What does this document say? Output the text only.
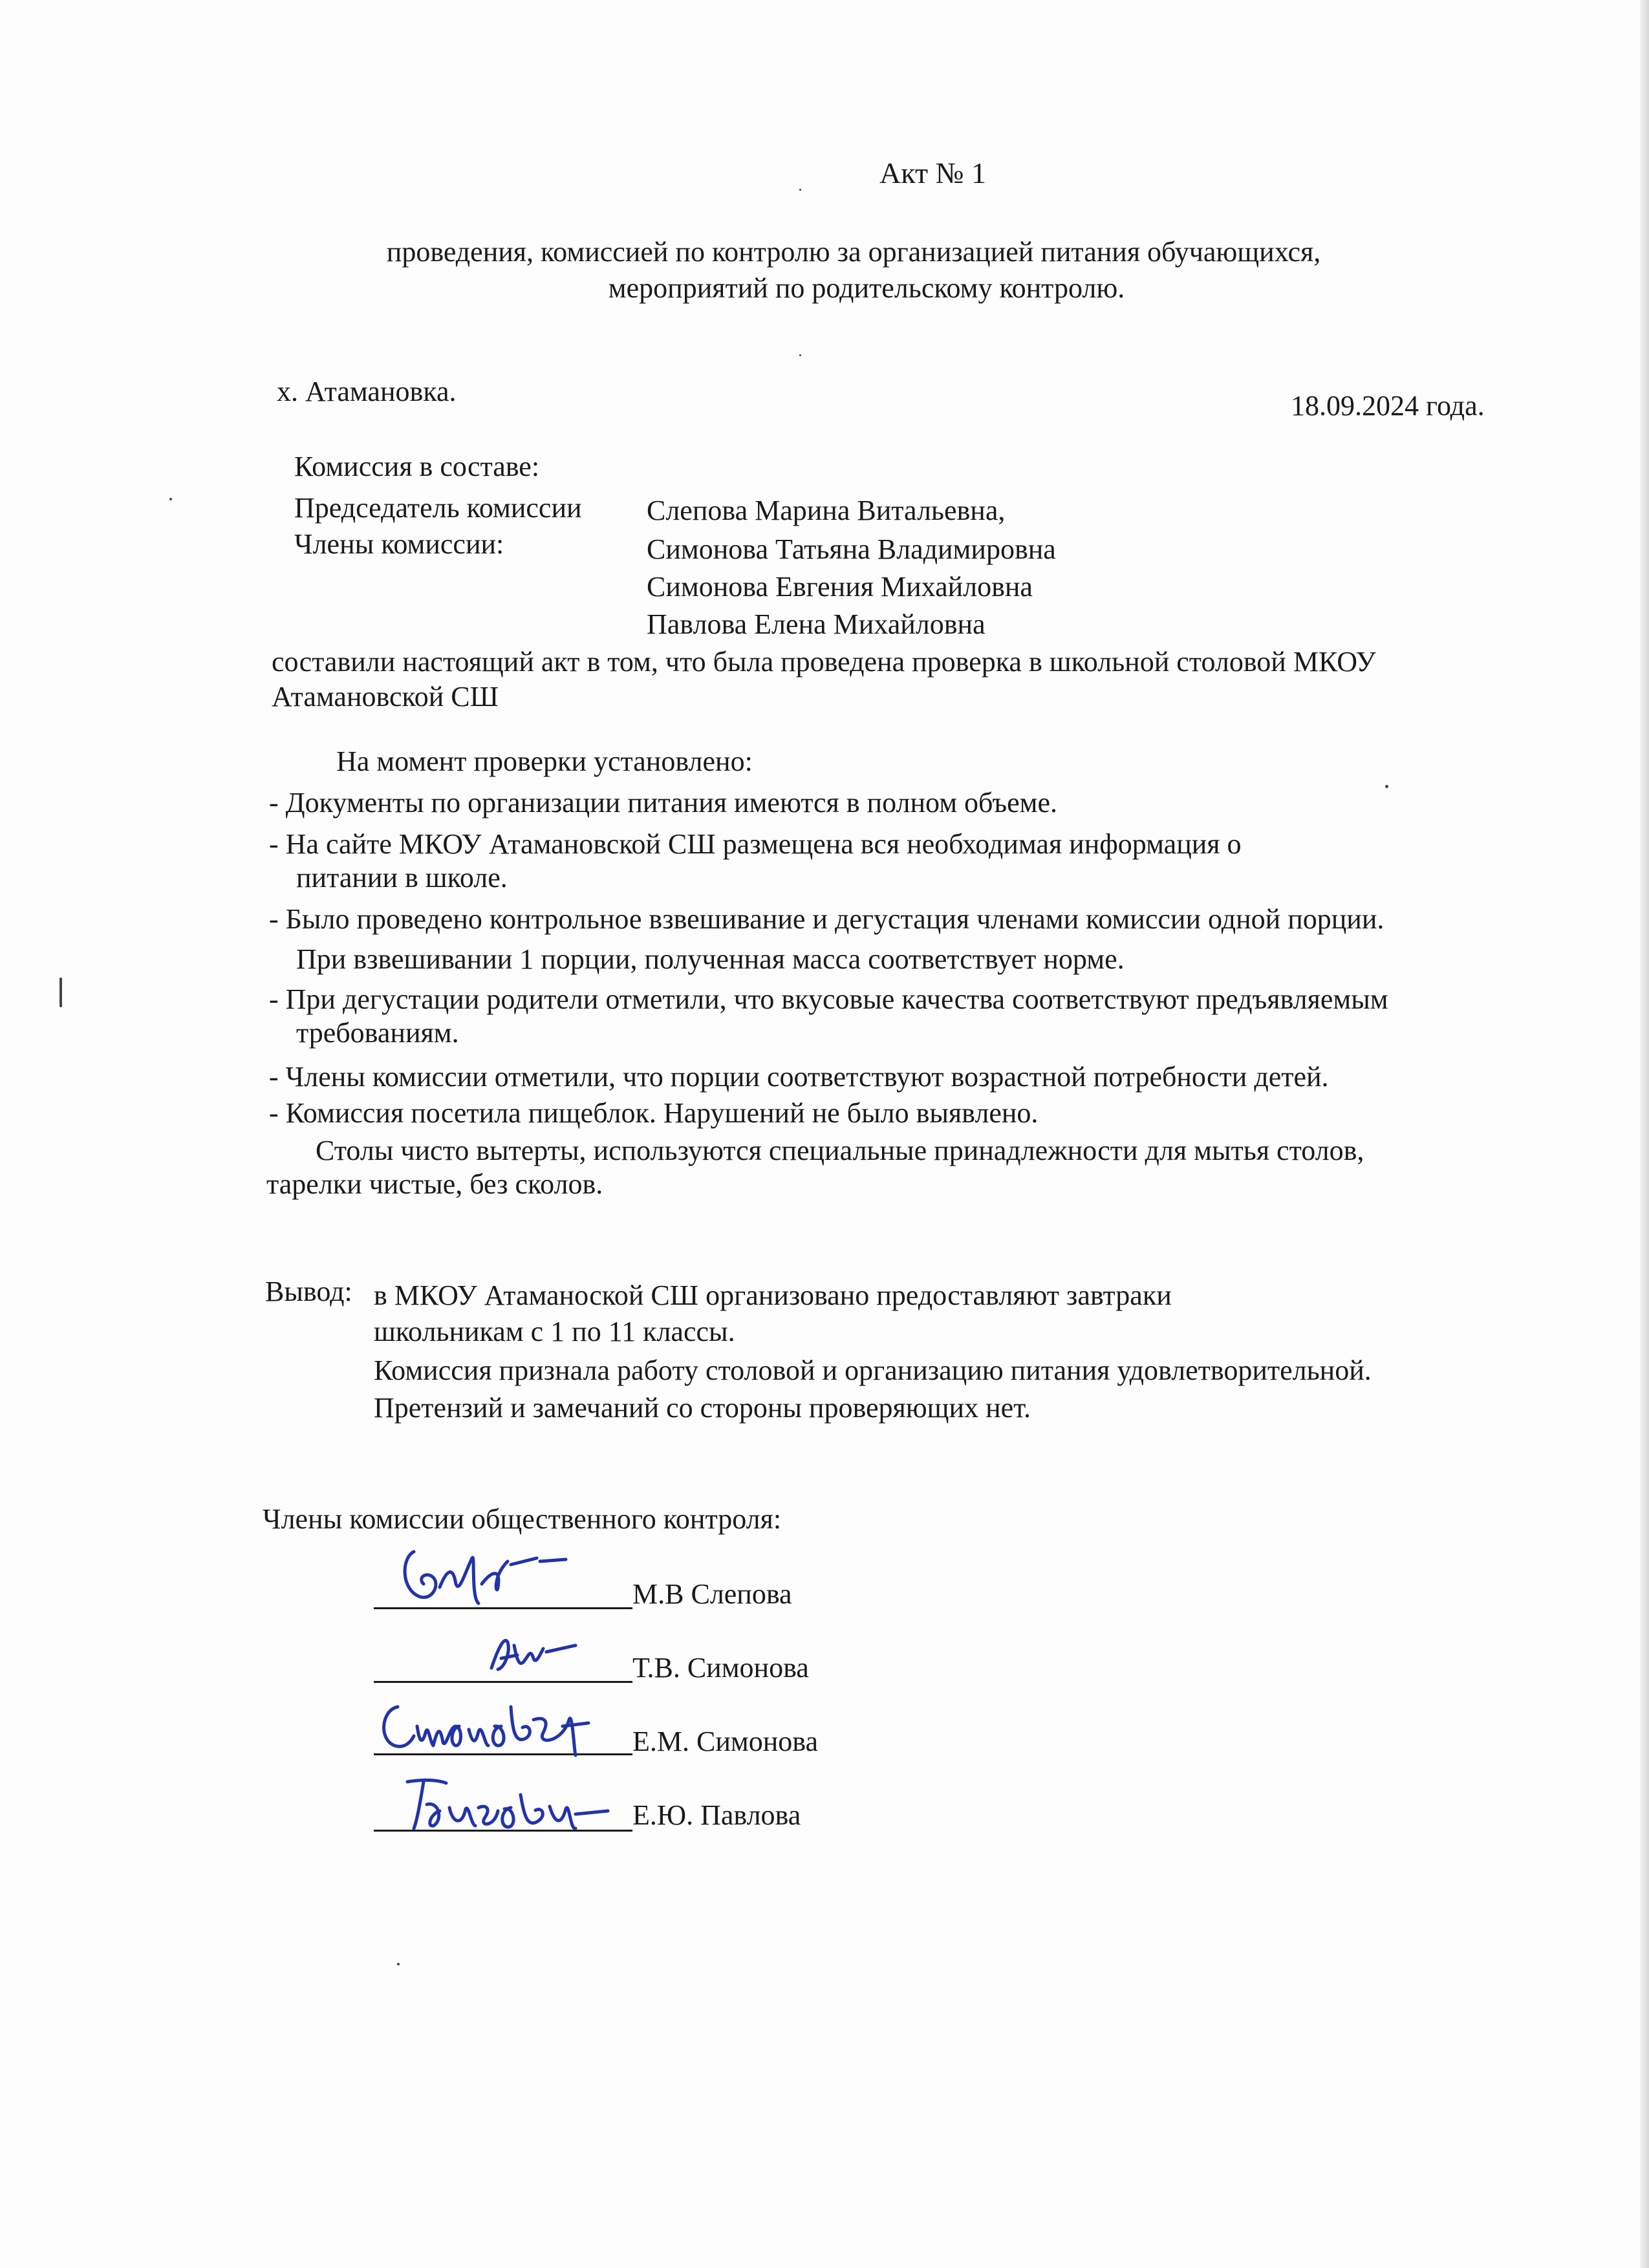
Акт № 1
проведения, комиссией по контролю за организацией питания обучающихся,
мероприятий по родительскому контролю.
х. Атамановка.	18.09.2024 года.
Комиссия в составе:
Председатель комиссии Слепова Марина Витальевна,
Члены комиссии:	Симонова Татьяна Владимировна
Симонова Евгения Михайловна
Павлова Елена Михайловна
составили настоящий акт в том, что была проведена проверка в школьной столовой МКОУ
Атамановской СШ
На момент проверки установлено:
- Документы по организации питания имеются в полном объеме.
- На сайте МКОУ Атамановской СШ размещена вся необходимая информация о
питании в школе.
- Было проведено контрольное взвешивание и дегустация членами комиссии одной порции.
При взвешивании 1 порции, полученная масса соответствует норме.
- При дегустации родители отметили, что вкусовые качества соответствуют предъявляемым
требованиям.
- Члены комиссии отметили, что порции соответствуют возрастной потребности детей.
- Комиссия посетила пищеблок. Нарушений не было выявлено.
Столы чисто вытерты, используются специальные принадлежности для мытья столов,
тарелки чистые, без сколов.
Вывод: в МКОУ Атаманоской СШ организовано предоставляют завтраки
школьникам с 1 по 11 классы.
Комиссия признала работу столовой и организацию питания удовлетворительной.
Претензий и замечаний со стороны проверяющих нет.
Члены комиссии общественного контроля:
М.В Слепова
Т.В. Симонова
Е.М. Симонова
Е.Ю. Павлова
